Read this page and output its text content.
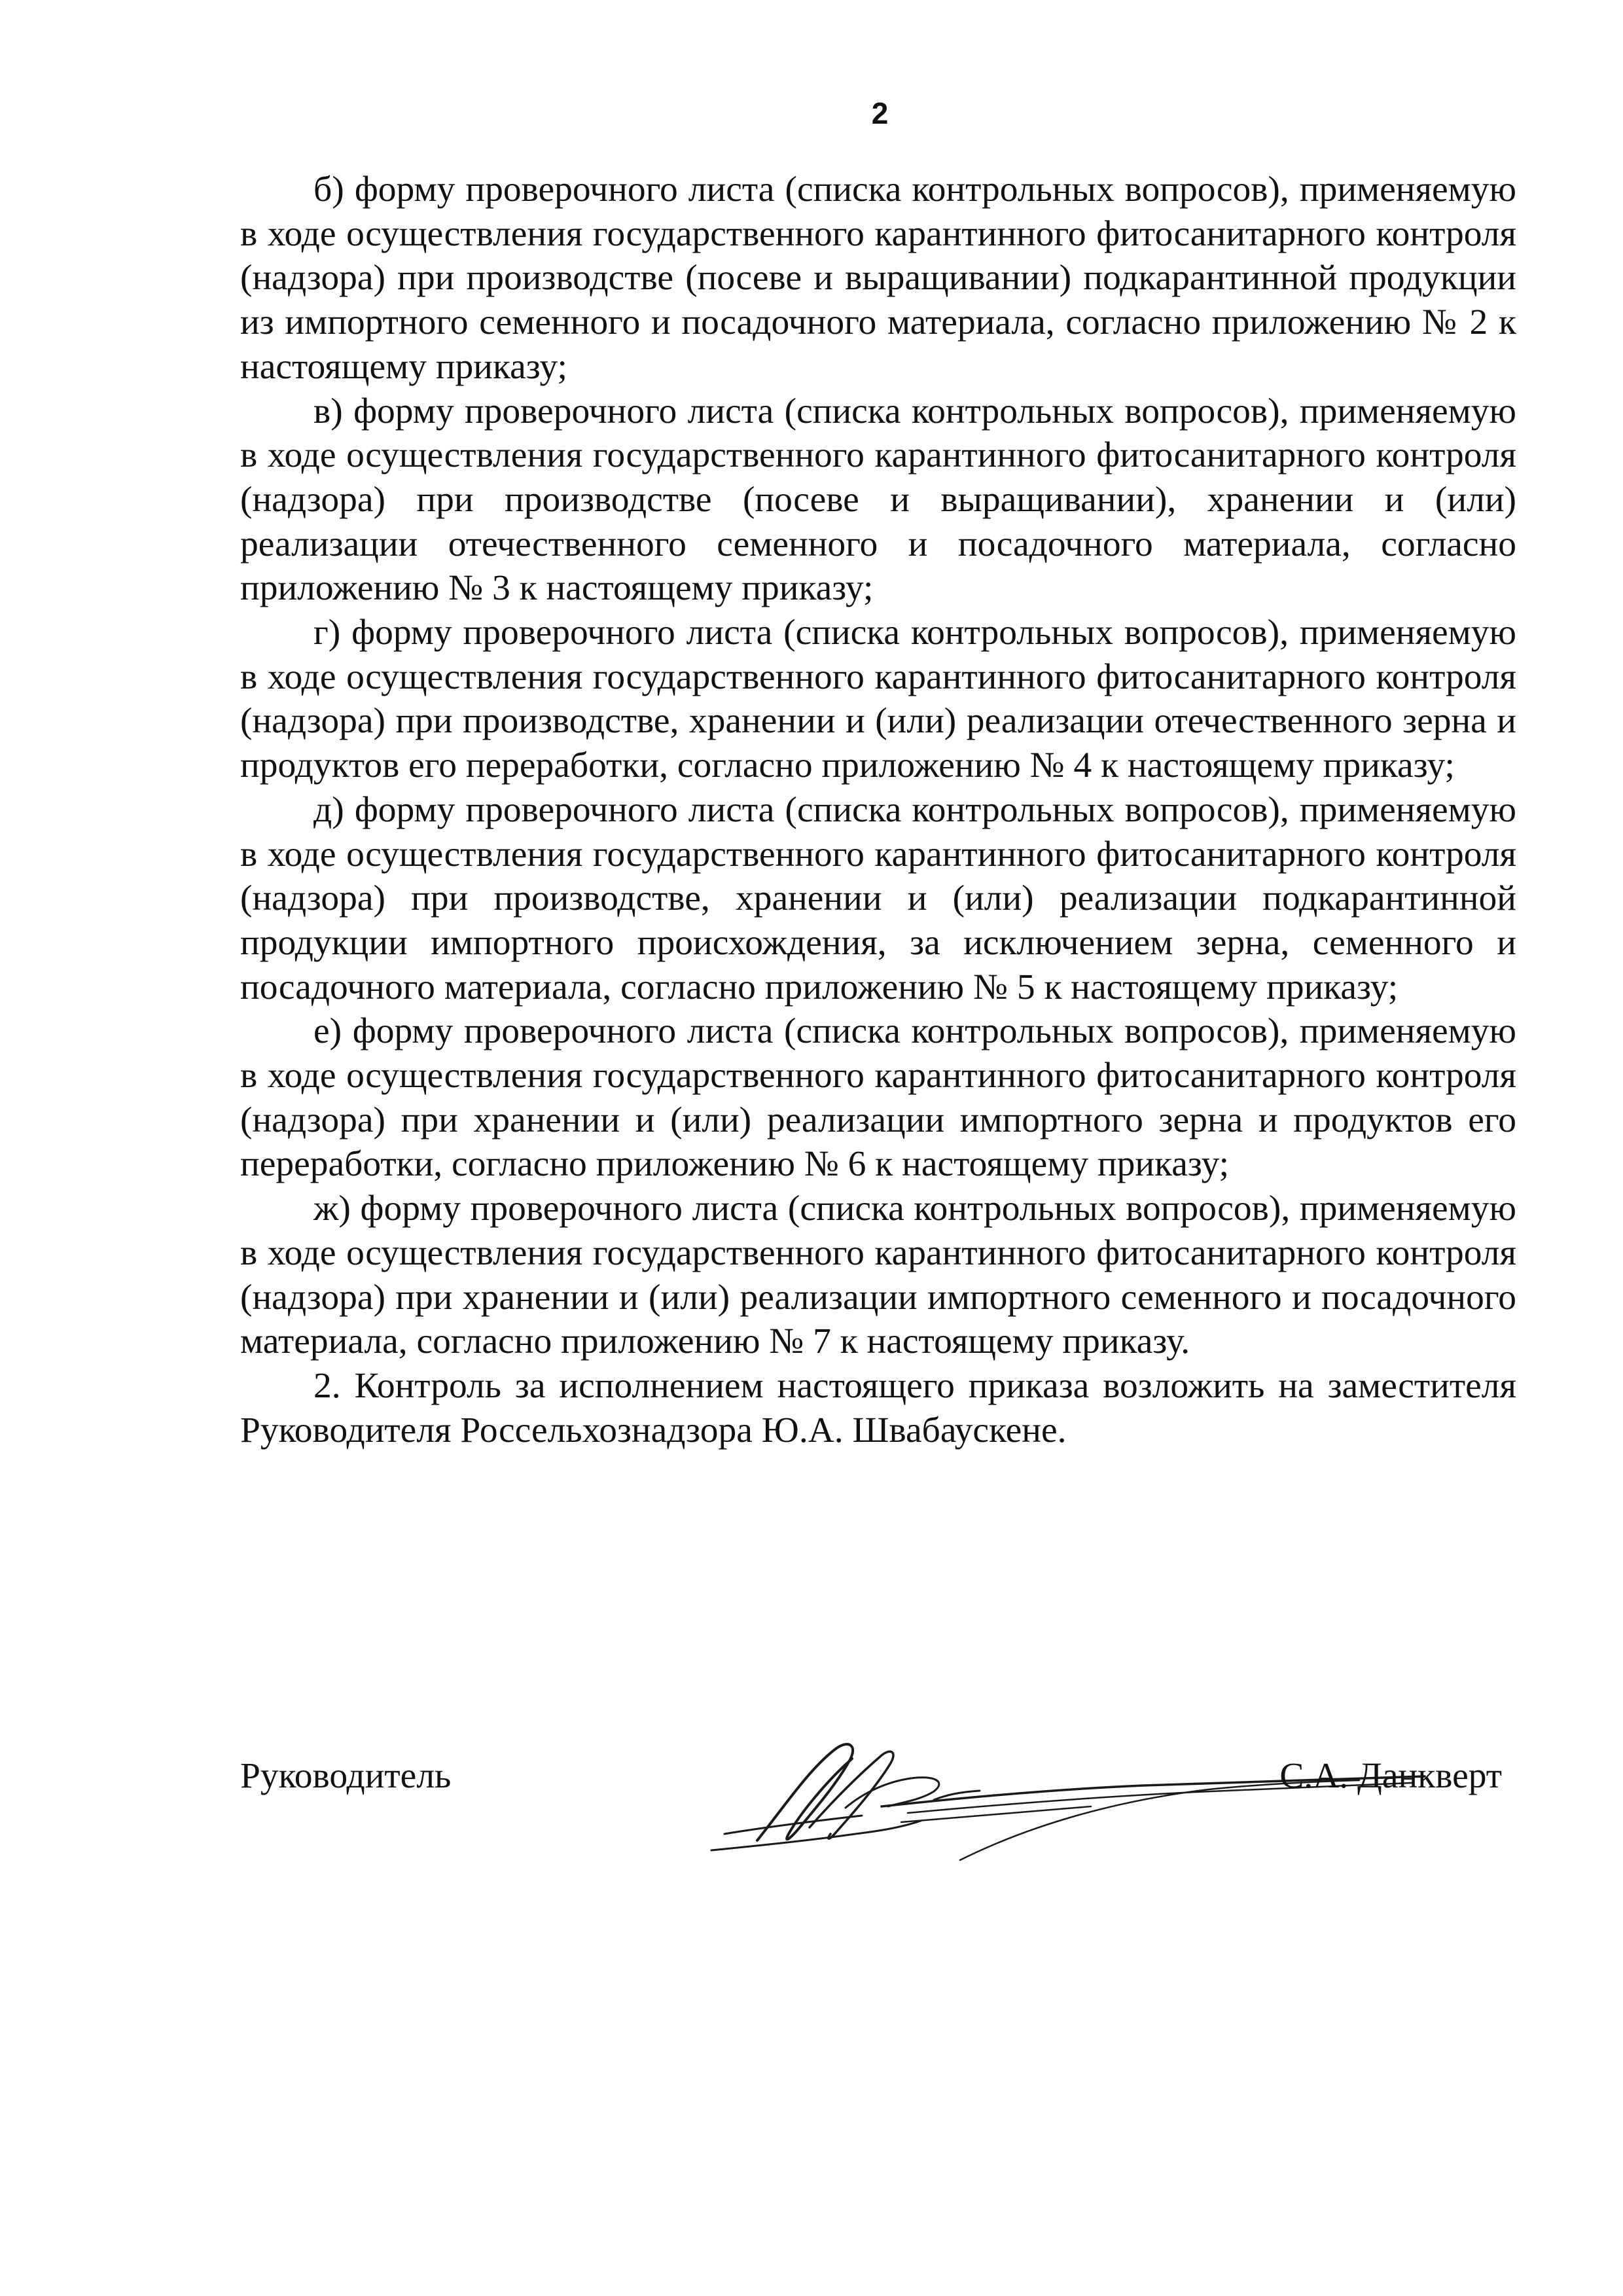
2

б) форму проверочного листа (списка контрольных вопросов), применяемую в ходе осуществления государственного карантинного фитосанитарного контроля (надзора) при производстве (посеве и выращивании) подкарантинной продукции из импортного семенного и посадочного материала, согласно приложению № 2 к настоящему приказу;

в) форму проверочного листа (списка контрольных вопросов), применяемую в ходе осуществления государственного карантинного фитосанитарного контроля (надзора) при производстве (посеве и выращивании), хранении и (или) реализации отечественного семенного и посадочного материала, согласно приложению № 3 к настоящему приказу;

г) форму проверочного листа (списка контрольных вопросов), применяемую в ходе осуществления государственного карантинного фитосанитарного контроля (надзора) при производстве, хранении и (или) реализации отечественного зерна и продуктов его переработки, согласно приложению № 4 к настоящему приказу;

д) форму проверочного листа (списка контрольных вопросов), применяемую в ходе осуществления государственного карантинного фитосанитарного контроля (надзора) при производстве, хранении и (или) реализации подкарантинной продукции импортного происхождения, за исключением зерна, семенного и посадочного материала, согласно приложению № 5 к настоящему приказу;

е) форму проверочного листа (списка контрольных вопросов), применяемую в ходе осуществления государственного карантинного фитосанитарного контроля (надзора) при хранении и (или) реализации импортного зерна и продуктов его переработки, согласно приложению № 6 к настоящему приказу;

ж) форму проверочного листа (списка контрольных вопросов), применяемую в ходе осуществления государственного карантинного фитосанитарного контроля (надзора) при хранении и (или) реализации импортного семенного и посадочного материала, согласно приложению № 7 к настоящему приказу.

2. Контроль за исполнением настоящего приказа возложить на заместителя Руководителя Россельхознадзора Ю.А. Швабаускене.

Руководитель	С.А. Данкверт
